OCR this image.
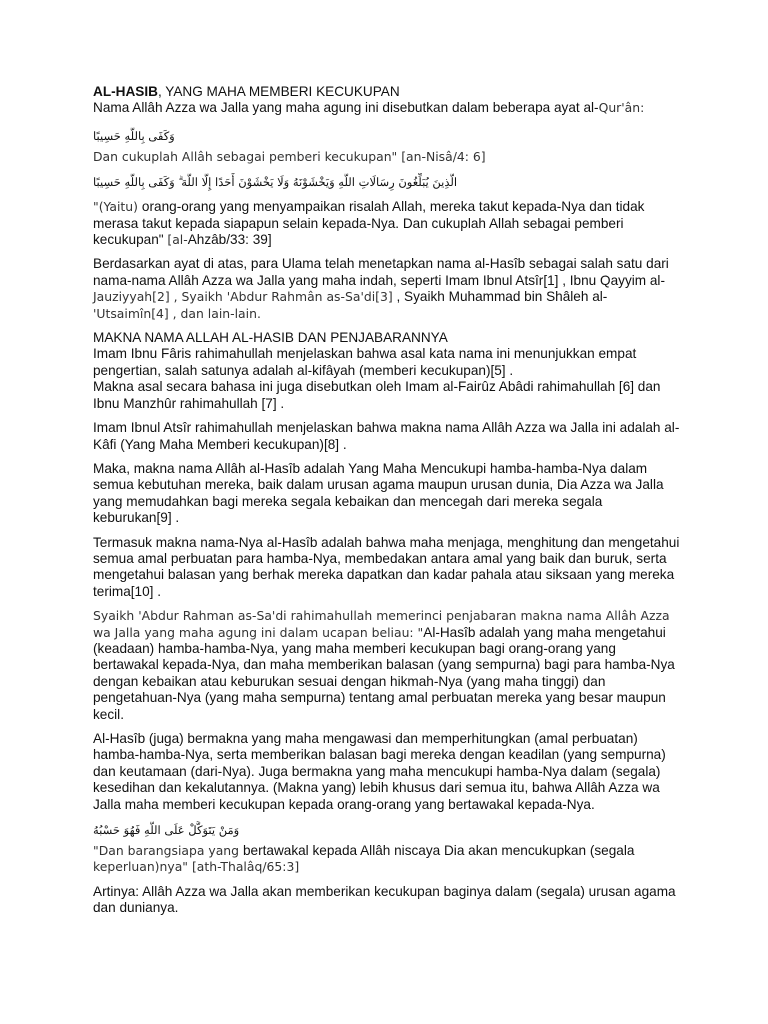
AL-HASIB, YANG MAHA MEMBERI KECUKUPAN

Nama Allâh Azza wa Jalla yang maha agung ini disebutkan dalam beberapa ayat al-Qur'ân:

وَكَفَى بِاللَّهِ حَسِيبًا

Dan cukuplah Allâh sebagai pemberi kecukupan" [an-Nisâ/4: 6]

الَّذِينَ يُبَلِّغُونَ رِسَالَاتِ اللَّهِ وَيَخْشَوْنَهُ وَلَا يَخْشَوْنَ أَحَدًا إِلَّا اللَّهَ ۗ وَكَفَى بِاللَّهِ حَسِيبًا

"(Yaitu) orang-orang yang menyampaikan risalah Allah, mereka takut kepada-Nya dan tidak merasa takut kepada siapapun selain kepada-Nya. Dan cukuplah Allah sebagai pemberi kecukupan" [al-Ahzâb/33: 39]

Berdasarkan ayat di atas, para Ulama telah menetapkan nama al-Hasîb sebagai salah satu dari nama-nama Allâh Azza wa Jalla yang maha indah, seperti Imam Ibnul Atsîr[1] , Ibnu Qayyim al-Jauziyyah[2] , Syaikh 'Abdur Rahmân as-Sa'di[3] , Syaikh Muhammad bin Shâleh al-'Utsaimîn[4] , dan lain-lain.

MAKNA NAMA ALLAH AL-HASIB DAN PENJABARANNYA

Imam Ibnu Fâris rahimahullah menjelaskan bahwa asal kata nama ini menunjukkan empat pengertian, salah satunya adalah al-kifâyah (memberi kecukupan)[5] .

Makna asal secara bahasa ini juga disebutkan oleh Imam al-Fairûz Abâdi rahimahullah [6] dan Ibnu Manzhûr rahimahullah [7] .

Imam Ibnul Atsîr rahimahullah menjelaskan bahwa makna nama Allâh Azza wa Jalla ini adalah al-Kâfi (Yang Maha Memberi kecukupan)[8] .

Maka, makna nama Allâh al-Hasîb adalah Yang Maha Mencukupi hamba-hamba-Nya dalam semua kebutuhan mereka, baik dalam urusan agama maupun urusan dunia, Dia Azza wa Jalla yang memudahkan bagi mereka segala kebaikan dan mencegah dari mereka segala keburukan[9] .

Termasuk makna nama-Nya al-Hasîb adalah bahwa maha menjaga, menghitung dan mengetahui semua amal perbuatan para hamba-Nya, membedakan antara amal yang baik dan buruk, serta mengetahui balasan yang berhak mereka dapatkan dan kadar pahala atau siksaan yang mereka terima[10] .

Syaikh 'Abdur Rahman as-Sa'di rahimahullah memerinci penjabaran makna nama Allâh Azza wa Jalla yang maha agung ini dalam ucapan beliau: "Al-Hasîb adalah yang maha mengetahui (keadaan) hamba-hamba-Nya, yang maha memberi kecukupan bagi orang-orang yang bertawakal kepada-Nya, dan maha memberikan balasan (yang sempurna) bagi para hamba-Nya dengan kebaikan atau keburukan sesuai dengan hikmah-Nya (yang maha tinggi) dan pengetahuan-Nya (yang maha sempurna) tentang amal perbuatan mereka yang besar maupun kecil.

Al-Hasîb (juga) bermakna yang maha mengawasi dan memperhitungkan (amal perbuatan) hamba-hamba-Nya, serta memberikan balasan bagi mereka dengan keadilan (yang sempurna) dan keutamaan (dari-Nya). Juga bermakna yang maha mencukupi hamba-Nya dalam (segala) kesedihan dan kekalutannya. (Makna yang) lebih khusus dari semua itu, bahwa Allâh Azza wa Jalla maha memberi kecukupan kepada orang-orang yang bertawakal kepada-Nya.

وَمَنْ يَتَوَكَّلْ عَلَى اللَّهِ فَهُوَ حَسْبُهُ

"Dan barangsiapa yang bertawakal kepada Allâh niscaya Dia akan mencukupkan (segala keperluan)nya" [ath-Thalâq/65:3]

Artinya: Allâh Azza wa Jalla akan memberikan kecukupan baginya dalam (segala) urusan agama dan dunianya.
